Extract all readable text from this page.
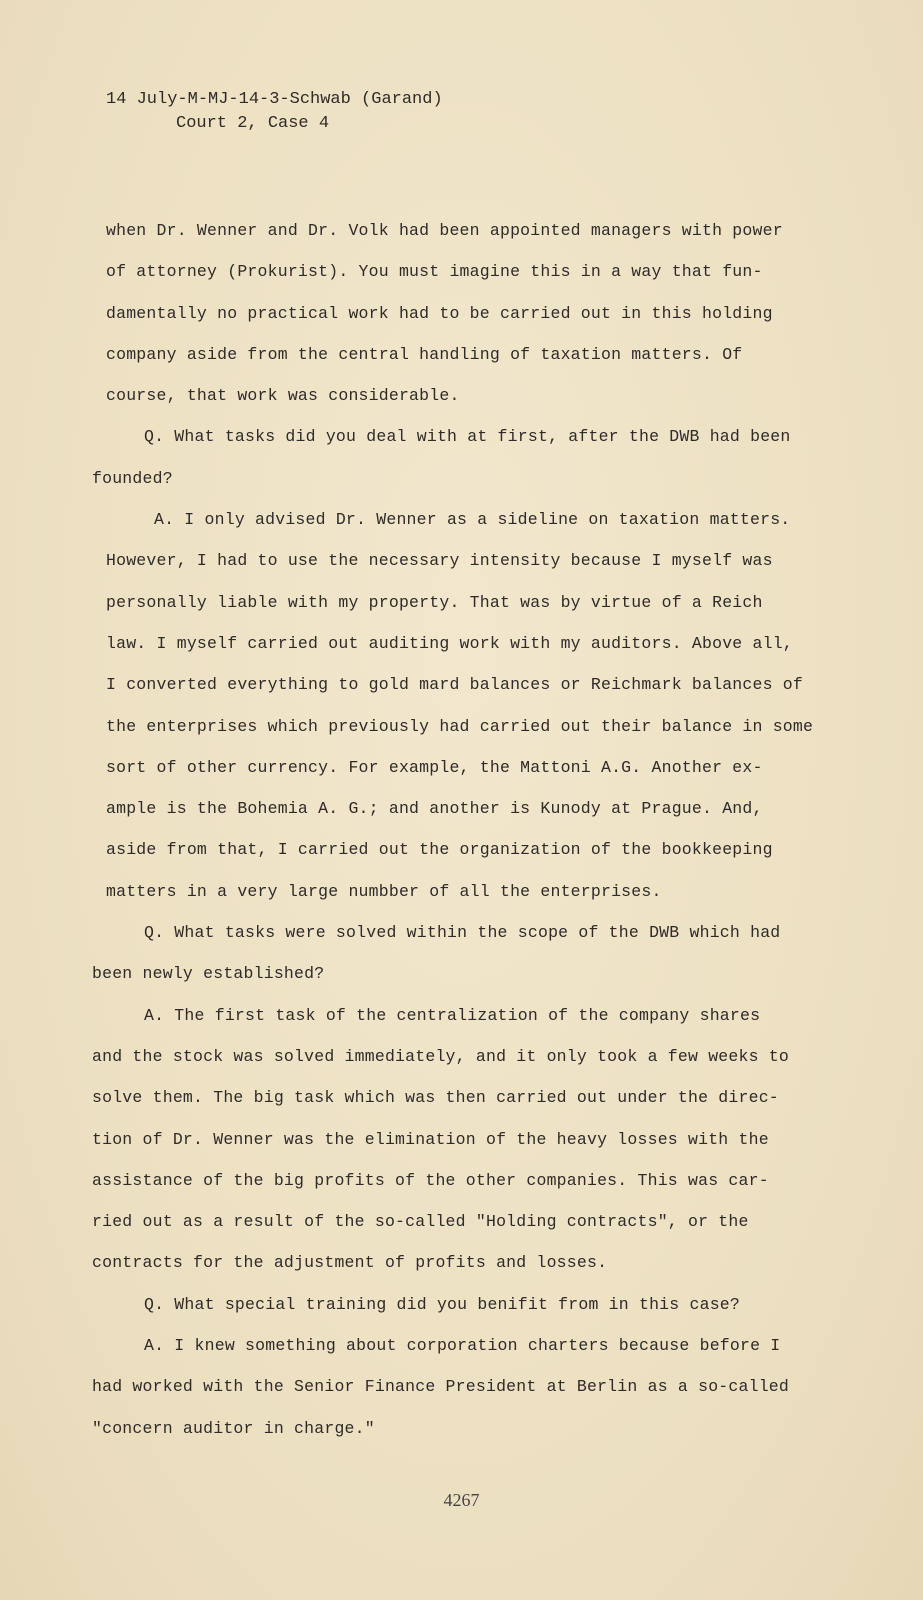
14 July-M-MJ-14-3-Schwab (Garand)
Court 2, Case 4
when Dr. Wenner and Dr. Volk had been appointed managers with power
of attorney (Prokurist). You must imagine this in a way that fun-
damentally no practical work had to be carried out in this holding
company aside from the central handling of taxation matters. Of
course, that work was considerable.
Q. What tasks did you deal with at first, after the DWB had been
founded?
A. I only advised Dr. Wenner as a sideline on taxation matters.
However, I had to use the necessary intensity because I myself was
personally liable with my property. That was by virtue of a Reich
law. I myself carried out auditing work with my auditors. Above all,
I converted everything to gold mard balances or Reichmark balances of
the enterprises which previously had carried out their balance in some
sort of other currency. For example, the Mattoni A.G. Another ex-
ample is the Bohemia A. G.; and another is Kunody at Prague. And,
aside from that, I carried out the organization of the bookkeeping
matters in a very large numbber of all the enterprises.
Q. What tasks were solved within the scope of the DWB which had
been newly established?
A. The first task of the centralization of the company shares
and the stock was solved immediately, and it only took a few weeks to
solve them. The big task which was then carried out under the direc-
tion of Dr. Wenner was the elimination of the heavy losses with the
assistance of the big profits of the other companies. This was car-
ried out as a result of the so-called "Holding contracts", or the
contracts for the adjustment of profits and losses.
Q. What special training did you benifit from in this case?
A. I knew something about corporation charters because before I
had worked with the Senior Finance President at Berlin as a so-called
"concern auditor in charge."
4267
